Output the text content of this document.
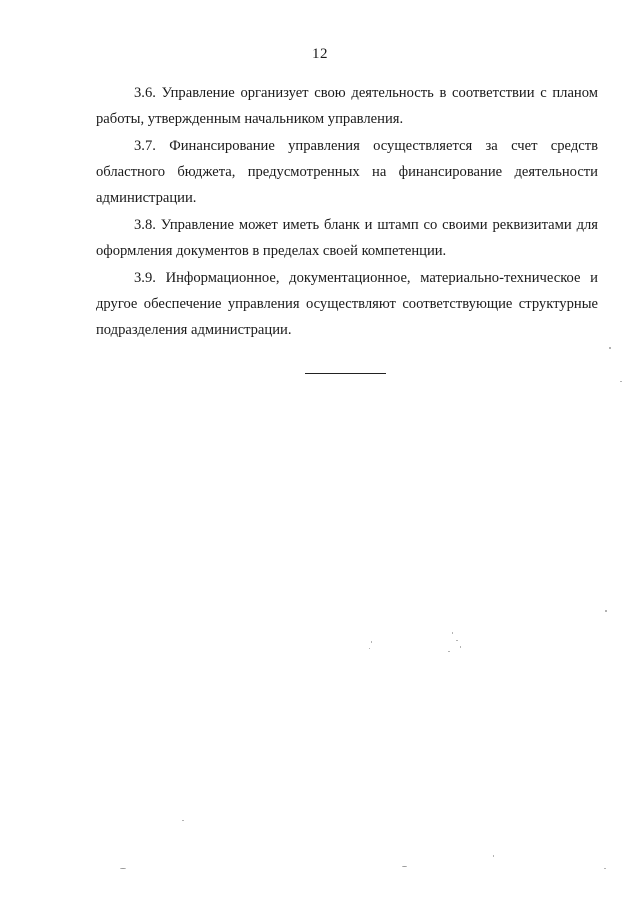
12

3.6. Управление организует свою деятельность в соответствии с планом работы, утвержденным начальником управления.

3.7. Финансирование управления осуществляется за счет средств областного бюджета, предусмотренных на финансирование деятельности администрации.

3.8. Управление может иметь бланк и штамп со своими реквизитами для оформления документов в пределах своей компетенции.

3.9. Информационное, документационное, материально-техническое и другое обеспечение управления осуществляют соответствующие структурные подразделения администрации.
